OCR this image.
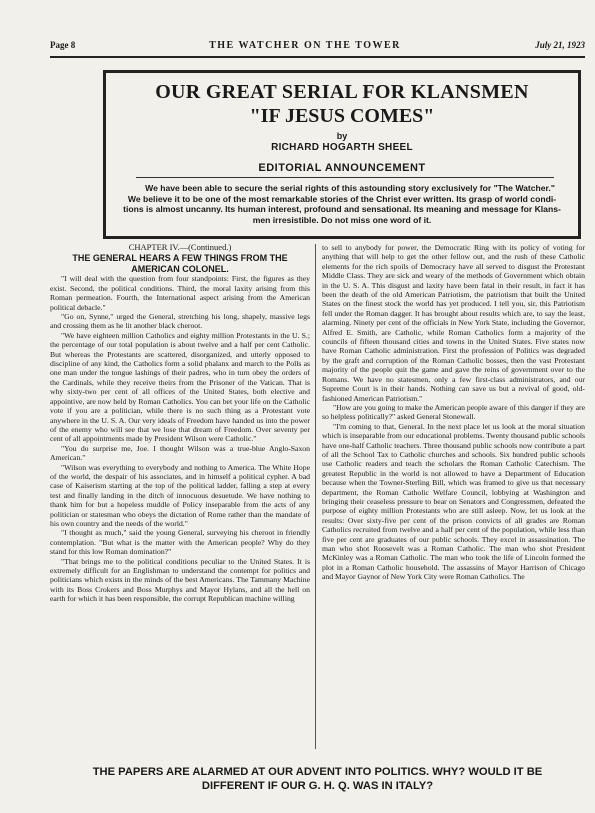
Page 8	THE WATCHER ON THE TOWER	July 21, 1923
OUR GREAT SERIAL FOR KLANSMEN
"IF JESUS COMES"
by
RICHARD HOGARTH SHEEL
EDITORIAL ANNOUNCEMENT
We have been able to secure the serial rights of this astounding story exclusively for "The Watcher."
We believe it to be one of the most remarkable stories of the Christ ever written. Its grasp of world condi-
tions is almost uncanny. Its human interest, profound and sensational. Its meaning and message for Klans-
men irresistible. Do not miss one word of it.
CHAPTER IV.—(Continued.)
THE GENERAL HEARS A FEW THINGS FROM THE AMERICAN COLONEL.

"I will deal with the question from four standpoints: First, the figures as they exist. Second, the political conditions. Third, the moral laxity arising from this Roman permeation. Fourth, the International aspect arising from the American political debacle."

"Go on, Synne," urged the General, stretching his long, shapely, massive legs and crossing them as he lit another black cheroot.

"We have eighteen million Catholics and eighty million Protestants in the U. S.; the percentage of our total population is about twelve and a half per cent Catholic. But whereas the Protestants are scattered, disorganized, and utterly opposed to discipline of any kind, the Catholics form a solid phalanx and march to the Polls as one man under the tongue lashings of their padres, who in turn obey the orders of the Cardinals, while they receive theirs from the Prisoner of the Vatican. That is why sixty-two per cent of all offices of the United States, both elective and appointive, are now held by Roman Catholics. You can bet your life on the Catholic vote if you are a politician, while there is no such thing as a Protestant vote anywhere in the U. S. A. Our very ideals of Freedom have handed us into the power of the enemy who will see that we lose that dream of Freedom. Over seventy per cent of all appointments made by President Wilson were Catholic."

"You do surprise me, Joe. I thought Wilson was a true-blue Anglo-Saxon American."

"Wilson was everything to everybody and nothing to America. The White Hope of the world, the despair of his associates, and in himself a political cypher. A bad case of Kaiserism starting at the top of the political ladder, falling a step at every test and finally landing in the ditch of innocuous desuetude. We have nothing to thank him for but a hopeless muddle of Policy inseparable from the acts of any politician or statesman who obeys the dictation of Rome rather than the mandate of his own country and the needs of the world."

"I thought as much," said the young General, surveying his cheroot in friendly contemplation. "But what is the matter with the American people? Why do they stand for this low Roman domination?"

"That brings me to the political conditions peculiar to the United States. It is extremely difficult for an Englishman to understand the contempt for politics and politicians which exists in the minds of the best Americans. The Tammany Machine with its Boss Crokers and Boss Murphys and Mayor Hylans, and all the hell on earth for which it has been responsible, the corrupt Republican machine willing

to sell to anybody for power, the Democratic Ring with its policy of voting for anything that will help to get the other fellow out, and the rush of these Catholic elements for the rich spoils of Democracy have all served to disgust the Protestant Middle Class. They are sick and weary of the methods of Government which obtain in the U. S. A. This disgust and laxity have been fatal in their result, in fact it has been the death of the old American Patriotism, the patriotism that built the United States on the finest stock the world has yet produced. I tell you, sir, this Patriotism fell under the Roman dagger. It has brought about results which are, to say the least, alarming. Ninety per cent of the officials in New York State, including the Governor, Alfred E. Smith, are Catholic, while Roman Catholics form a majority of the councils of fifteen thousand cities and towns in the United States. Five states now have Roman Catholic administration. First the profession of Politics was degraded by the graft and corruption of the Roman Catholic bosses, then the vast Protestant majority of the people quit the game and gave the reins of government over to the Romans. We have no statesmen, only a few first-class administrators, and our Supreme Court is in their hands. Nothing can save us but a revival of good, old-fashioned American Patriotism."

"How are you going to make the American people aware of this danger if they are so helpless politically?" asked General Stonewall.

"I'm coming to that, General. In the next place let us look at the moral situation which is inseparable from our educational problems. Twenty thousand public schools have one-half Catholic teachers. Three thousand public schools now contribute a part of all the School Tax to Catholic churches and schools. Six hundred public schools use Catholic readers and teach the scholars the Roman Catholic Catechism. The greatest Republic in the world is not allowed to have a Department of Education because when the Towner-Sterling Bill, which was framed to give us that necessary department, the Roman Catholic Welfare Council, lobbying at Washington and bringing their ceaseless pressure to bear on Senators and Congressmen, defeated the purpose of eighty million Protestants who are still asleep. Now, let us look at the results: Over sixty-five per cent of the prison convicts of all grades are Roman Catholics recruited from twelve and a half per cent of the population, while less than five per cent are graduates of our public schools. They excel in assassination. The man who shot Roosevelt was a Roman Catholic. The man who shot President McKinley was a Roman Catholic. The man who took the life of Lincoln formed the plot in a Roman Catholic household. The assassins of Mayor Harrison of Chicago and Mayor Gaynor of New York City were Roman Catholics. The

THE PAPERS ARE ALARMED AT OUR ADVENT INTO POLITICS. WHY? WOULD IT BE
DIFFERENT IF OUR G. H. Q. WAS IN ITALY?
